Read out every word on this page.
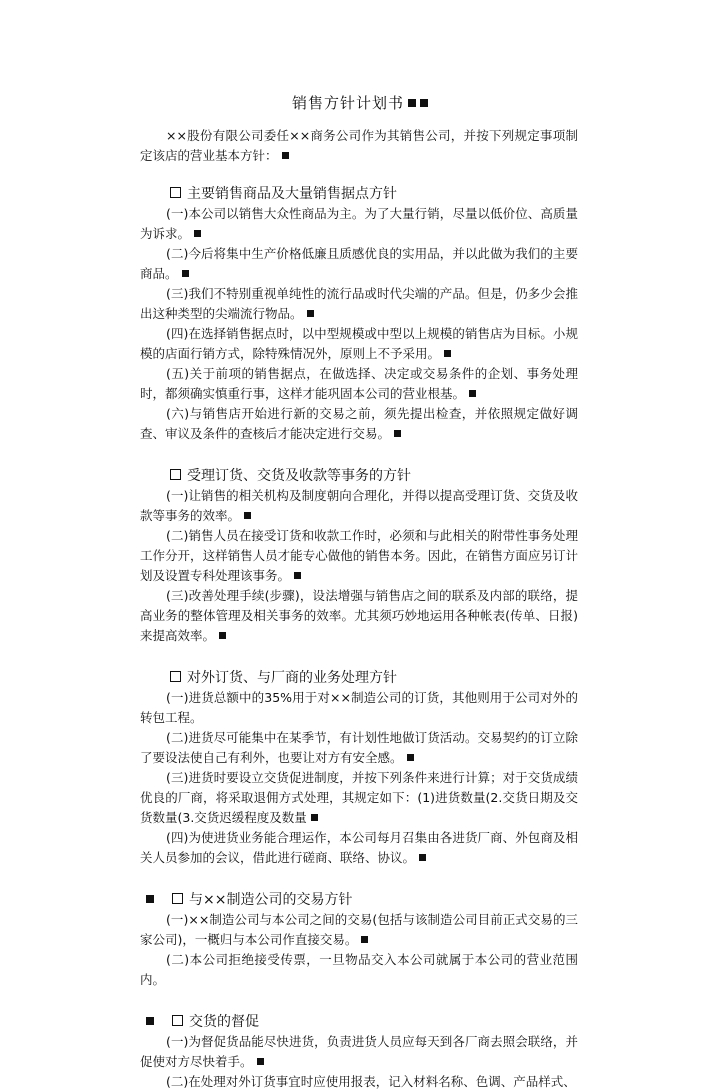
销售方针计划书

××股份有限公司委任××商务公司作为其销售公司，并按下列规定事项制定该店的营业基本方针：

主要销售商品及大量销售据点方针

(一)本公司以销售大众性商品为主。为了大量行销，尽量以低价位、高质量为诉求。

(二)今后将集中生产价格低廉且质感优良的实用品，并以此做为我们的主要商品。

(三)我们不特别重视单纯性的流行品或时代尖端的产品。但是，仍多少会推出这种类型的尖端流行物品。

(四)在选择销售据点时，以中型规模或中型以上规模的销售店为目标。小规模的店面行销方式，除特殊情况外，原则上不予采用。

(五)关于前项的销售据点，在做选择、决定或交易条件的企划、事务处理时，都须确实慎重行事，这样才能巩固本公司的营业根基。

(六)与销售店开始进行新的交易之前，须先提出检查，并依照规定做好调查、审议及条件的查核后才能决定进行交易。

受理订货、交货及收款等事务的方针

(一)让销售的相关机构及制度朝向合理化，并得以提高受理订货、交货及收款等事务的效率。

(二)销售人员在接受订货和收款工作时，必须和与此相关的附带性事务处理工作分开，这样销售人员才能专心做他的销售本务。因此，在销售方面应另订计划及设置专科处理该事务。

(三)改善处理手续(步骤)，设法增强与销售店之间的联系及内部的联络，提高业务的整体管理及相关事务的效率。尤其须巧妙地运用各种帐表(传单、日报)来提高效率。

对外订货、与厂商的业务处理方针

(一)进货总额中的35%用于对××制造公司的订货，其他则用于公司对外的转包工程。

(二)进货尽可能集中在某季节，有计划性地做订货活动。交易契约的订立除了要设法使自己有利外，也要让对方有安全感。

(三)进货时要设立交货促进制度，并按下列条件来进行计算；对于交货成绩优良的厂商，将采取退佣方式处理，其规定如下：(1)进货数量(2.交货日期及交货数量(3.交货迟缓程度及数量

(四)为使进货业务能合理运作，本公司每月召集由各进货厂商、外包商及相关人员参加的会议，借此进行磋商、联络、协议。

与××制造公司的交易方针

(一)××制造公司与本公司之间的交易(包括与该制造公司目前正式交易的三家公司)，一概归与本公司作直接交易。

(二)本公司拒绝接受传票，一旦物品交入本公司就属于本公司的营业范围内。

交货的督促

(一)为督促货品能尽快进货，负责进货人员应每天到各厂商去照会联络，并促使对方尽快着手。

(二)在处理对外订货事宜时应使用报表，记入材料名称、色调、产品样式、
